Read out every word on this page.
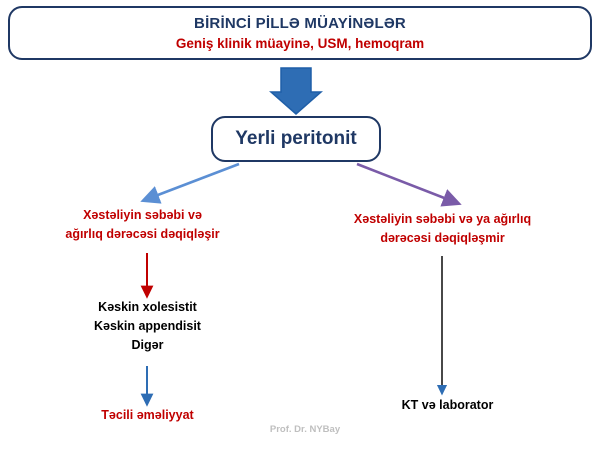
BİRİNCİ PİLLƏ MÜAYİNƏLƏR
Geniş klinik müayinə, USM, hemoqram
Yerli peritonit
Xəstəliyin səbəbi və
ağırlıq dərəcəsi dəqiqləşir
Xəstəliyin səbəbi və ya ağırlıq
dərəcəsi dəqiqləşmir
Kəskin xolesistit
Kəskin appendisit
Digər
Təcili əməliyyat
KT və laborator
Prof. Dr. NYBay
